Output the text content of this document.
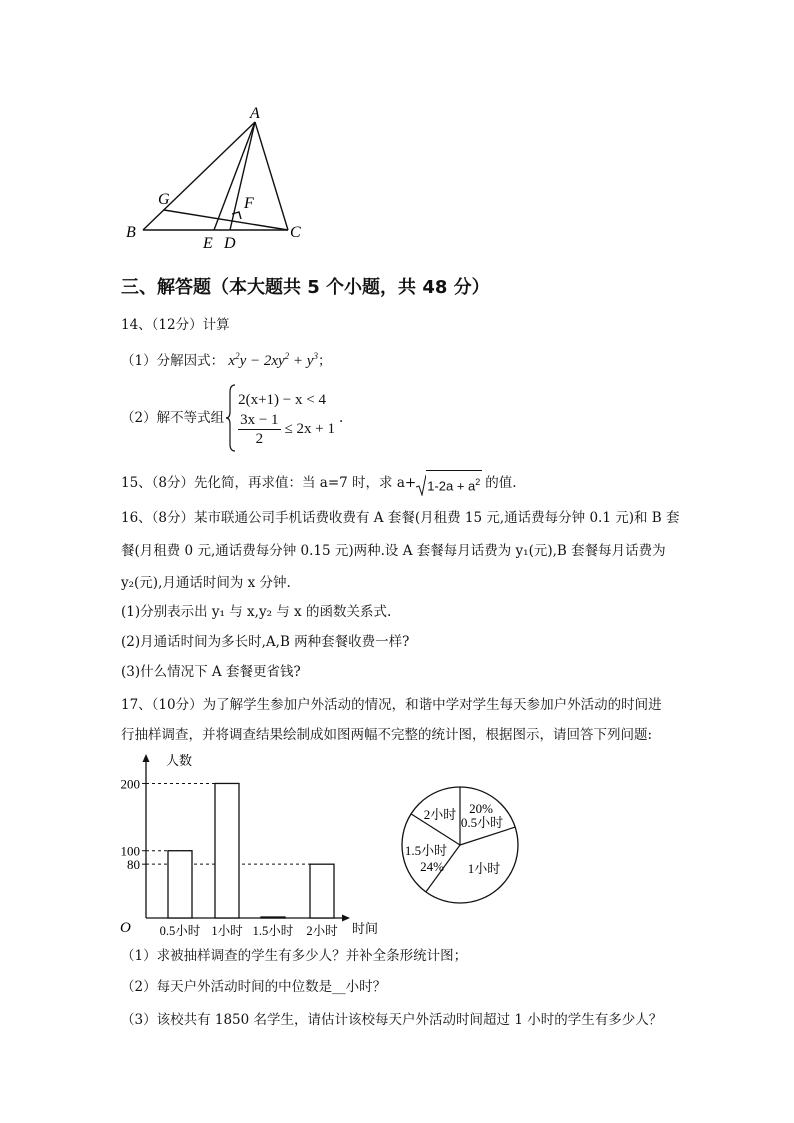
A
B	C
D
E
F
G
三、解答题（本大题共 5 个小题，共 48 分）
14、（12分）计算
（1）分解因式： $x^2y - 2xy^2 + y^3$；
（2）解不等式组
2(x+1) − x < 4
$\frac{3x - 1}{2} \le 2x + 1$
.
15、（8分）先化简，再求值：当 a=7 时，求 $a+ 1-2a + a^2$ 的值.
16、（8分）某市联通公司手机话费收费有 A 套餐(月租费 15 元,通话费每分钟 0.1 元)和 B 套
餐(月租费 0 元,通话费每分钟 0.15 元)两种.设 A 套餐每月话费为 y₁(元),B 套餐每月话费为
y₂(元),月通话时间为 x 分钟.
(1)分别表示出 y₁ 与 x,y₂ 与 x 的函数关系式.
(2)月通话时间为多长时,A,B 两种套餐收费一样?
(3)什么情况下 A 套餐更省钱?
17、（10分）为了解学生参加户外活动的情况，和谐中学对学生每天参加户外活动的时间进
行抽样调查，并将调查结果绘制成如图两幅不完整的统计图，根据图示，请回答下列问题:
人数
时间
O
80
100
200
0.5小时 1小时 1.5小时 2小时
20%
0.5小时
1小时
1.5小时
24%
2小时
（1）求被抽样调查的学生有多少人？并补全条形统计图；
（2）每天户外活动时间的中位数是__小时？
（3）该校共有 1850 名学生，请估计该校每天户外活动时间超过 1 小时的学生有多少人？
